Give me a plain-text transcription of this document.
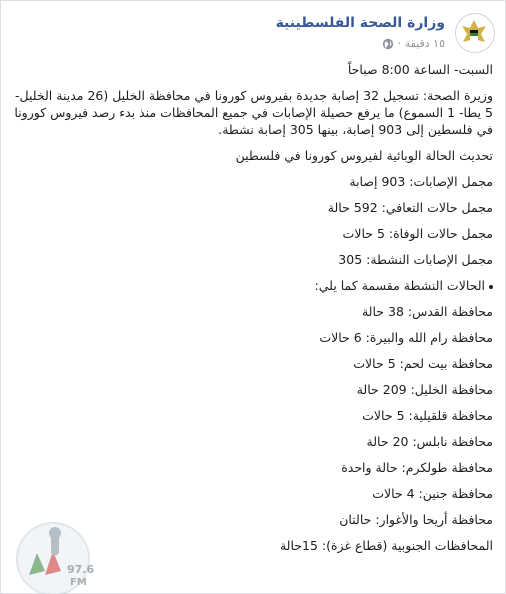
وزارة الصحة الفلسطينية
١٥ دقيقة ·
السبت- الساعة 8:00 صباحاً

وزيرة الصحة: تسجيل 32 إصابة جديدة بفيروس كورونا في محافظة الخليل (26 مدينة الخليل- 5 يطا- 1 السموع) ما يرفع حصيلة الإصابات في جميع المحافظات منذ بدء رصد فيروس كورونا في فلسطين إلى 903 إصابة، بينها 305 إصابة نشطة.

تحديث الحالة الوبائية لفيروس كورونا في فلسطين
مجمل الإصابات: 903 إصابة
مجمل حالات التعافي: 592 حالة
مجمل حالات الوفاة: 5 حالات
مجمل الإصابات النشطة: 305
الحالات النشطة مقسمة كما يلي:
محافظة القدس: 38 حالة
محافظة رام الله والبيرة: 6 حالات
محافظة بيت لحم: 5 حالات
محافظة الخليل: 209 حالة
محافظة قلقيلية: 5 حالات
محافظة نابلس: 20 حالة
محافظة طولكرم: حالة واحدة
محافظة جنين: 4 حالات
محافظة أريحا والأغوار: حالتان
المحافظات الجنوبية (قطاع غزة): 15حالة
97.6
FM
